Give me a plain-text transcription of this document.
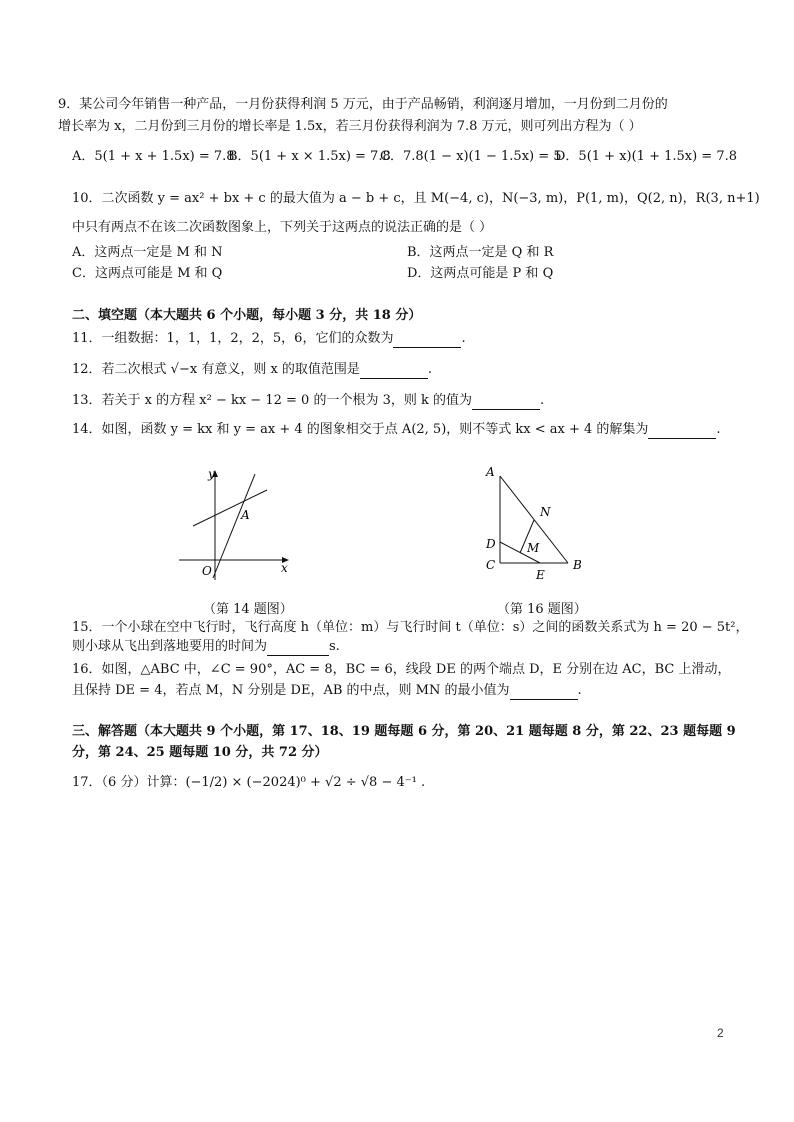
9．某公司今年销售一种产品，一月份获得利润 5 万元，由于产品畅销，利润逐月增加，一月份到二月份的
增长率为 x，二月份到三月份的增长率是 1.5x，若三月份获得利润为 7.8 万元，则可列出方程为（ ）
A．5(1 + x + 1.5x) = 7.8
B．5(1 + x × 1.5x) = 7.8
C．7.8(1 − x)(1 − 1.5x) = 5
D．5(1 + x)(1 + 1.5x) = 7.8
10．二次函数 y = ax² + bx + c 的最大值为 a − b + c，且 M(−4, c)，N(−3, m)，P(1, m)，Q(2, n)，R(3, n+1)
中只有两点不在该二次函数图象上，下列关于这两点的说法正确的是（ ）
A．这两点一定是 M 和 N	B．这两点一定是 Q 和 R
C．这两点可能是 M 和 Q	D．这两点可能是 P 和 Q
二、填空题（本大题共 6 个小题，每小题 3 分，共 18 分）
11．一组数据：1，1，1，2，2，5，6，它们的众数为	.
12．若二次根式 √−x 有意义，则 x 的取值范围是	.
13．若关于 x 的方程 x² − kx − 12 = 0 的一个根为 3，则 k 的值为	.
14．如图，函数 y = kx 和 y = ax + 4 的图象相交于点 A(2, 5)，则不等式 kx < ax + 4 的解集为	.
y
x
O
A
（第 14 题图）
A
N
D	M
C
E
B
（第 16 题图）
15．一个小球在空中飞行时，飞行高度 h（单位：m）与飞行时间 t（单位：s）之间的函数关系式为 h = 20 − 5t²，
则小球从飞出到落地要用的时间为	s.
16．如图，△ABC 中，∠C = 90°，AC = 8，BC = 6，线段 DE 的两个端点 D，E 分别在边 AC，BC 上滑动，
且保持 DE = 4，若点 M，N 分别是 DE，AB 的中点，则 MN 的最小值为	.
三、解答题（本大题共 9 个小题，第 17、18、19 题每题 6 分，第 20、21 题每题 8 分，第 22、23 题每题 9
分，第 24、25 题每题 10 分，共 72 分）
17．（6 分）计算：(−1/2) × (−2024)⁰ + √2 ÷ √8 − 4⁻¹ .
2
